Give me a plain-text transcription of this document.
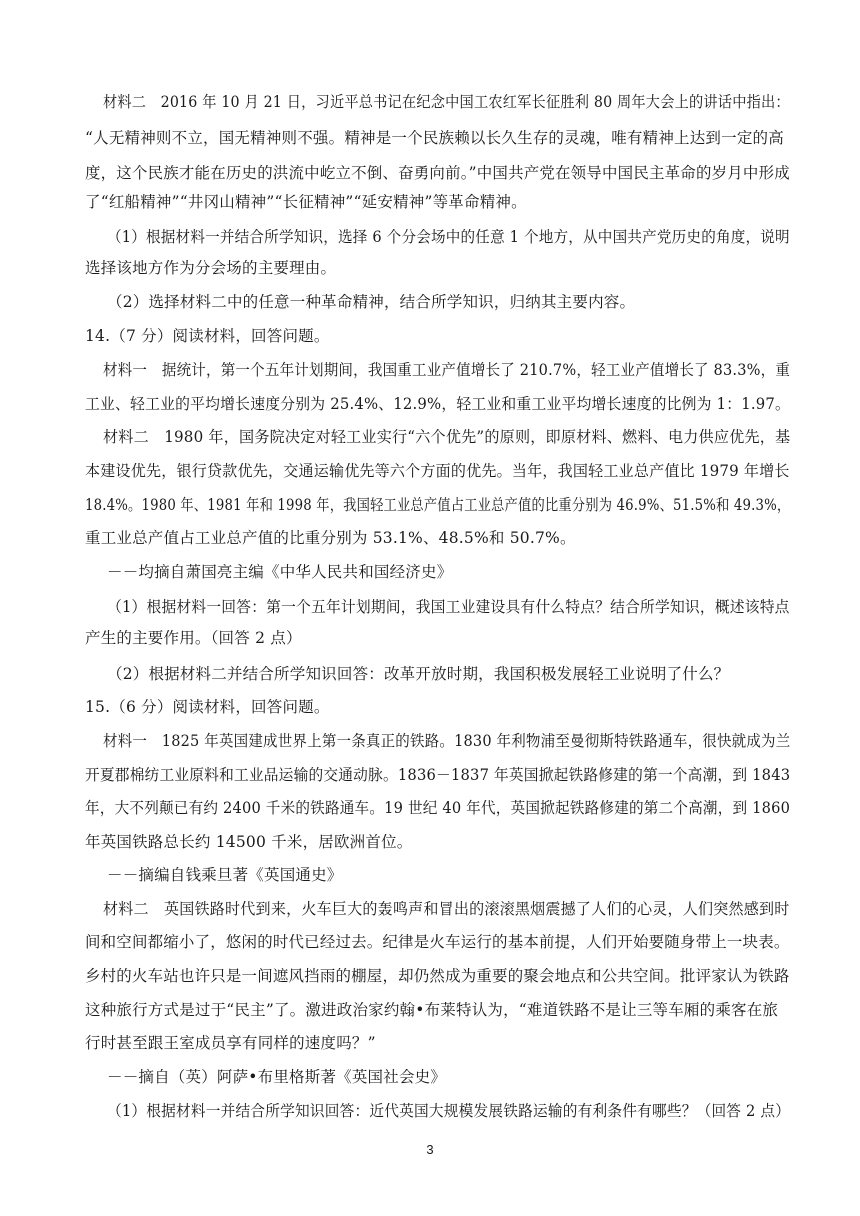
材料二　2016 年 10 月 21 日，习近平总书记在纪念中国工农红军长征胜利 80 周年大会上的讲话中指出：
“人无精神则不立，国无精神则不强。精神是一个民族赖以长久生存的灵魂，唯有精神上达到一定的高
度，这个民族才能在历史的洪流中屹立不倒、奋勇向前。”中国共产党在领导中国民主革命的岁月中形成
了“红船精神”“井冈山精神”“长征精神”“延安精神”等革命精神。
（1）根据材料一并结合所学知识，选择 6 个分会场中的任意 1 个地方，从中国共产党历史的角度，说明
选择该地方作为分会场的主要理由。
（2）选择材料二中的任意一种革命精神，结合所学知识，归纳其主要内容。
14.（7 分）阅读材料，回答问题。
材料一　据统计，第一个五年计划期间，我国重工业产值增长了 210.7%，轻工业产值增长了 83.3%，重
工业、轻工业的平均增长速度分别为 25.4%、12.9%，轻工业和重工业平均增长速度的比例为 1：1.97。
材料二　1980 年，国务院决定对轻工业实行“六个优先”的原则，即原材料、燃料、电力供应优先，基
本建设优先，银行贷款优先，交通运输优先等六个方面的优先。当年，我国轻工业总产值比 1979 年增长
18.4%。1980 年、1981 年和 1998 年，我国轻工业总产值占工业总产值的比重分别为 46.9%、51.5%和 49.3%，
重工业总产值占工业总产值的比重分别为 53.1%、48.5%和 50.7%。
－－均摘自萧国亮主编《中华人民共和国经济史》
（1）根据材料一回答：第一个五年计划期间，我国工业建设具有什么特点？结合所学知识，概述该特点
产生的主要作用。（回答 2 点）
（2）根据材料二并结合所学知识回答：改革开放时期，我国积极发展轻工业说明了什么？
15.（6 分）阅读材料，回答问题。
材料一　1825 年英国建成世界上第一条真正的铁路。1830 年利物浦至曼彻斯特铁路通车，很快就成为兰
开夏郡棉纺工业原料和工业品运输的交通动脉。1836－1837 年英国掀起铁路修建的第一个高潮，到 1843
年，大不列颠已有约 2400 千米的铁路通车。19 世纪 40 年代，英国掀起铁路修建的第二个高潮，到 1860
年英国铁路总长约 14500 千米，居欧洲首位。
－－摘编自钱乘旦著《英国通史》
材料二　英国铁路时代到来，火车巨大的轰鸣声和冒出的滚滚黑烟震撼了人们的心灵，人们突然感到时
间和空间都缩小了，悠闲的时代已经过去。纪律是火车运行的基本前提，人们开始要随身带上一块表。
乡村的火车站也许只是一间遮风挡雨的棚屋，却仍然成为重要的聚会地点和公共空间。批评家认为铁路
这种旅行方式是过于“民主”了。激进政治家约翰•布莱特认为，“难道铁路不是让三等车厢的乘客在旅
行时甚至跟王室成员享有同样的速度吗？”
－－摘自（英）阿萨•布里格斯著《英国社会史》
（1）根据材料一并结合所学知识回答：近代英国大规模发展铁路运输的有利条件有哪些？（回答 2 点）
3
